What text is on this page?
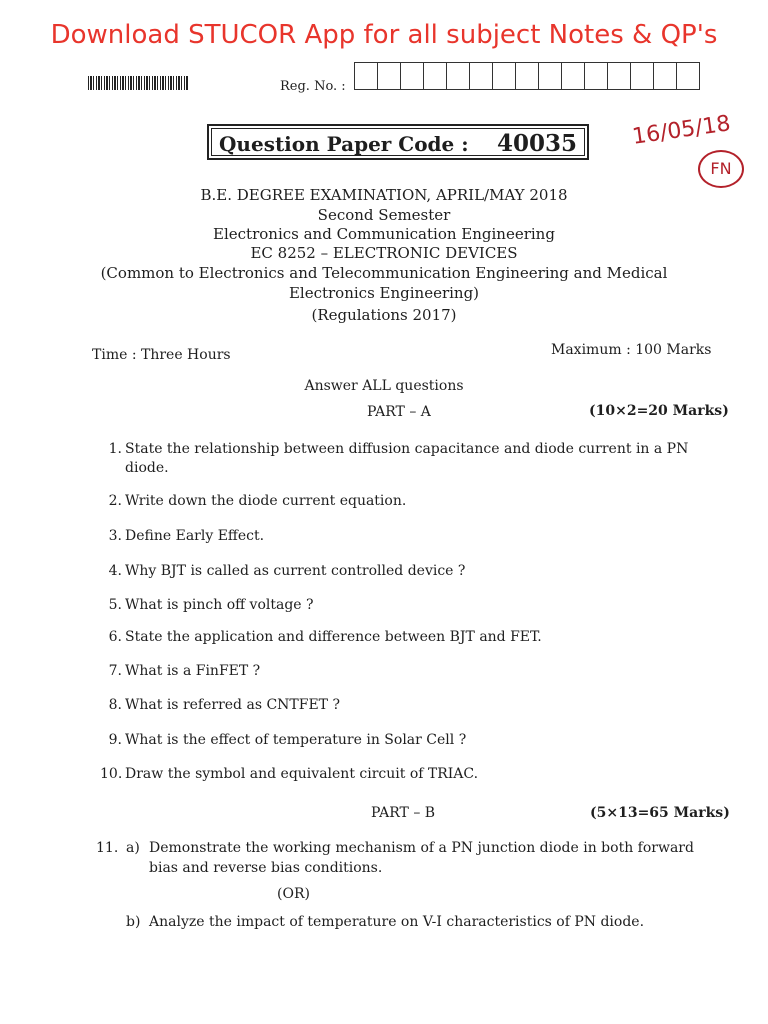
Download STUCOR App for all subject Notes & QP's
Reg. No. :
Question Paper Code : 40035 16/05/18
FN
B.E. DEGREE EXAMINATION, APRIL/MAY 2018
Second Semester
Electronics and Communication Engineering
EC 8252 – ELECTRONIC DEVICES
(Common to Electronics and Telecommunication Engineering and Medical
Electronics Engineering)
(Regulations 2017)
Time : Three Hours	Maximum : 100 Marks
Answer ALL questions
PART – A	(10×2=20 Marks)
1. State the relationship between diffusion capacitance and diode current in a PN
diode.
2. Write down the diode current equation.
3. Define Early Effect.
4. Why BJT is called as current controlled device ?
5. What is pinch off voltage ?
6. State the application and difference between BJT and FET.
7. What is a FinFET ?
8. What is referred as CNTFET ?
9. What is the effect of temperature in Solar Cell ?
10. Draw the symbol and equivalent circuit of TRIAC.
PART – B	(5×13=65 Marks)
11. a) Demonstrate the working mechanism of a PN junction diode in both forward
bias and reverse bias conditions.
(OR)
b) Analyze the impact of temperature on V-I characteristics of PN diode.
